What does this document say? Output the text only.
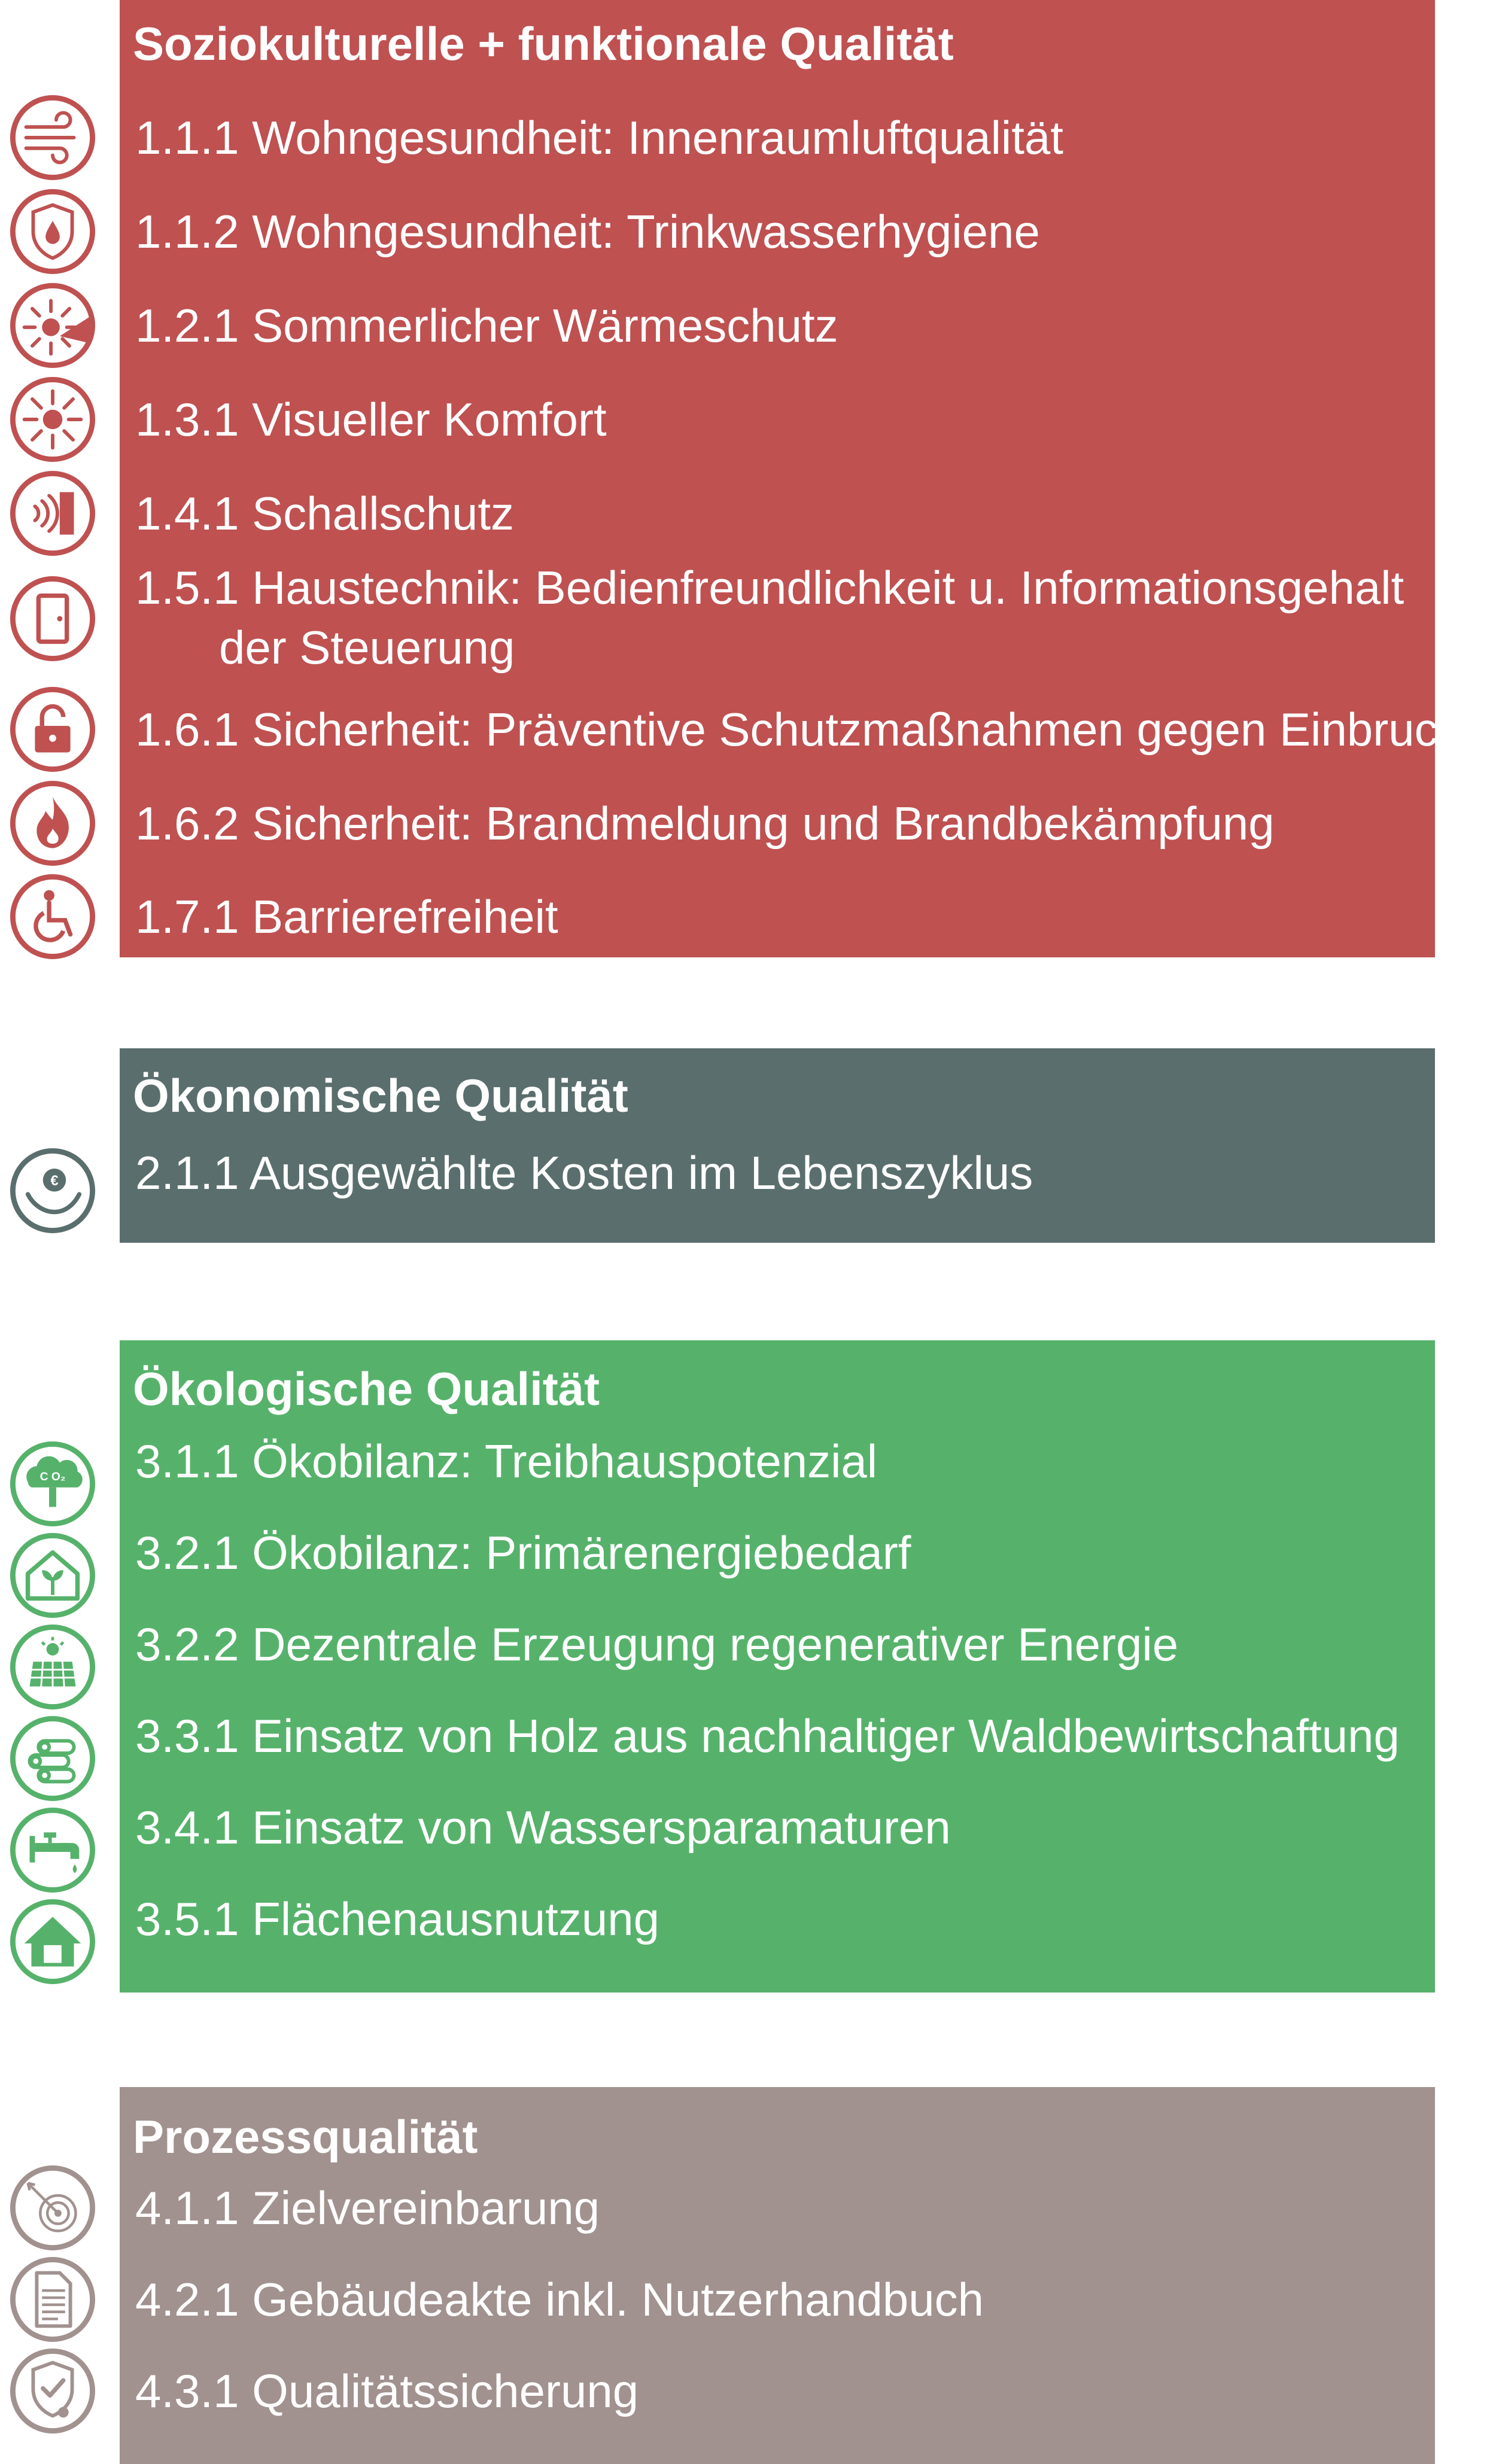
Soziokulturelle + funktionale Qualität
1.1.1 Wohngesundheit: Innenraumluftqualität
1.1.2 Wohngesundheit: Trinkwasserhygiene
1.2.1 Sommerlicher Wärmeschutz
1.3.1 Visueller Komfort
1.4.1 Schallschutz
1.5.1 Haustechnik: Bedienfreundlichkeit u. Informationsgehalt
der Steuerung
1.6.1 Sicherheit: Präventive Schutzmaßnahmen gegen Einbruch
1.6.2 Sicherheit: Brandmeldung und Brandbekämpfung
1.7.1 Barrierefreiheit
Ökonomische Qualität
2.1.1 Ausgewählte Kosten im Lebenszyklus
Ökologische Qualität
3.1.1 Ökobilanz: Treibhauspotenzial
3.2.1 Ökobilanz: Primärenergiebedarf
3.2.2 Dezentrale Erzeugung regenerativer Energie
3.3.1 Einsatz von Holz aus nachhaltiger Waldbewirtschaftung
3.4.1 Einsatz von Wassersparamaturen
3.5.1 Flächenausnutzung
Prozessqualität
4.1.1 Zielvereinbarung
4.2.1 Gebäudeakte inkl. Nutzerhandbuch
4.3.1 Qualitätssicherung
€
C O₂
